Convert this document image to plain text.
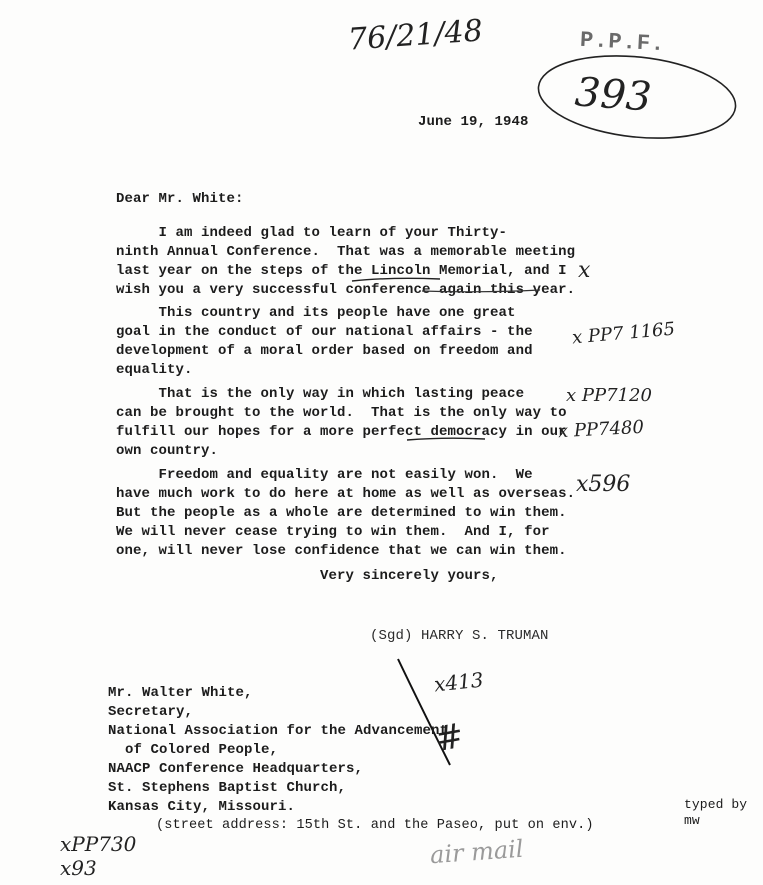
76/21/48	P.P.F.
393
June 19, 1948
Dear Mr. White:
I am indeed glad to learn of your Thirty-
ninth Annual Conference.  That was a memorable meeting
last year on the steps of the Lincoln Memorial, and I
wish you a very successful conference again this year.
This country and its people have one great
goal in the conduct of our national affairs - the
development of a moral order based on freedom and
equality.
That is the only way in which lasting peace
can be brought to the world.  That is the only way to
fulfill our hopes for a more perfect democracy in our
own country.
Freedom and equality are not easily won.  We
have much work to do here at home as well as overseas.
But the people as a whole are determined to win them.
We will never cease trying to win them.  And I, for
one, will never lose confidence that we can win them.
Very sincerely yours,
(Sgd) HARRY S. TRUMAN
x
x PP7 1165
x PP7120
x PP7480
x596
x413
#
Mr. Walter White,
Secretary,
National Association for the Advancement
of Colored People,
NAACP Conference Headquarters,
St. Stephens Baptist Church,
Kansas City, Missouri.	typed by
mw
(street address: 15th St. and the Paseo, put on env.)
xPP730
x93	air mail
